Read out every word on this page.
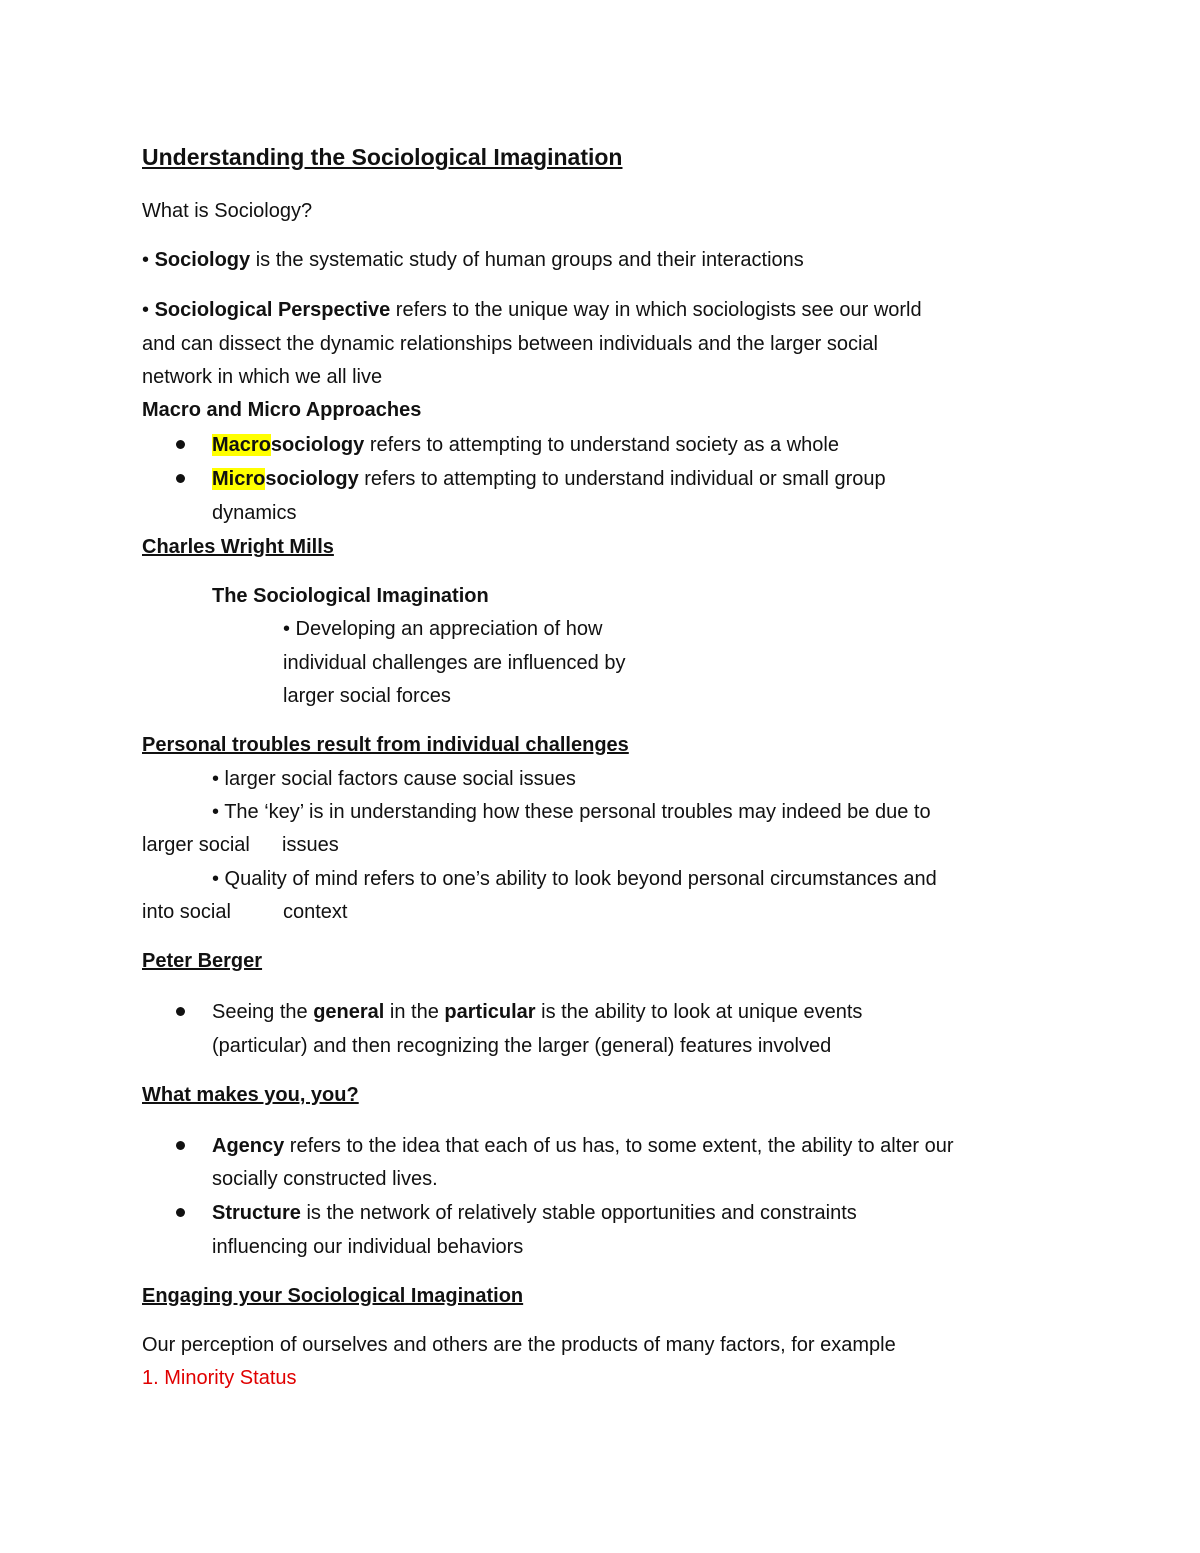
Understanding the Sociological Imagination
What is Sociology?
• Sociology is the systematic study of human groups and their interactions
• Sociological Perspective refers to the unique way in which sociologists see our world
and can dissect the dynamic relationships between individuals and the larger social
network in which we all live
Macro and Micro Approaches
Macrosociology refers to attempting to understand society as a whole
Microsociology refers to attempting to understand individual or small group
dynamics
Charles Wright Mills
The Sociological Imagination
• Developing an appreciation of how
individual challenges are influenced by
larger social forces
Personal troubles result from individual challenges
• larger social factors cause social issues
• The ‘key’ is in understanding how these personal troubles may indeed be due to
larger social issues
• Quality of mind refers to one’s ability to look beyond personal circumstances and
into social	context
Peter Berger
Seeing the general in the particular is the ability to look at unique events
(particular) and then recognizing the larger (general) features involved
What makes you, you?
Agency refers to the idea that each of us has, to some extent, the ability to alter our
socially constructed lives.
Structure is the network of relatively stable opportunities and constraints
influencing our individual behaviors
Engaging your Sociological Imagination
Our perception of ourselves and others are the products of many factors, for example
1. Minority Status
